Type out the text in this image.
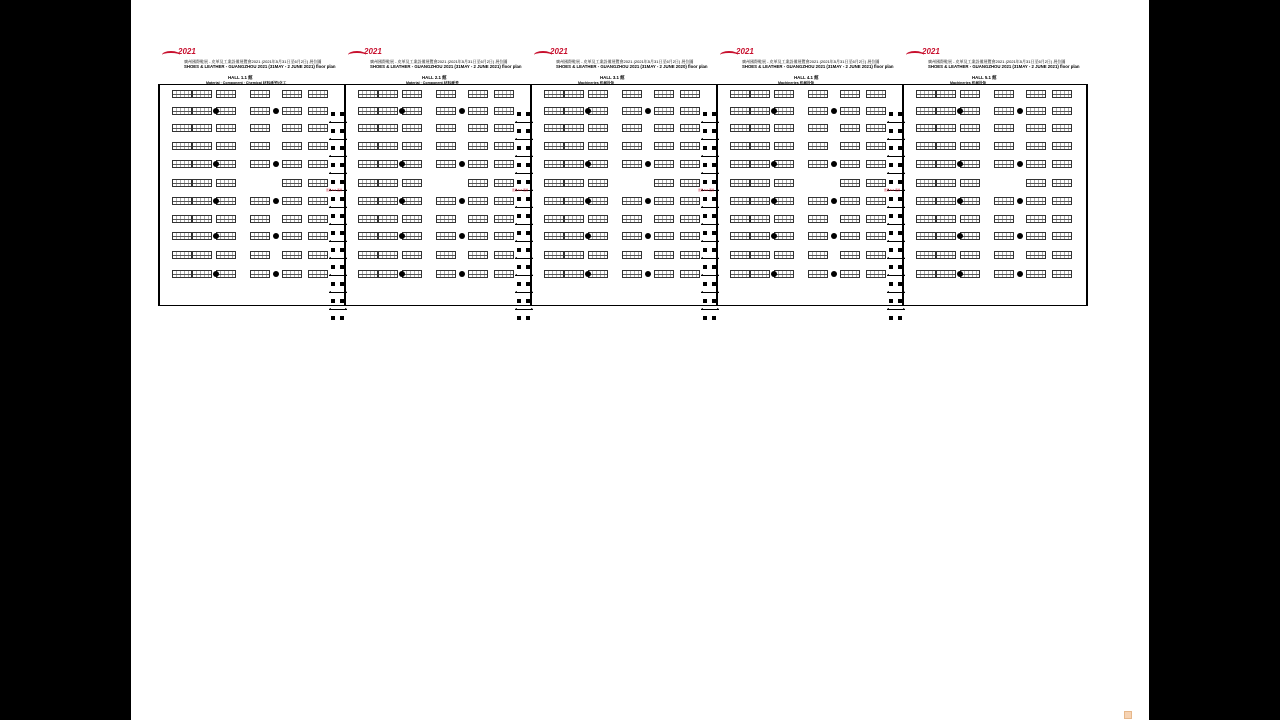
2021
廣州國際鞋展 - 皮革及工業設備展覽會2021 (2021年5月31日至6月2日) 展位圖
SHOES & LEATHER - GUANGZHOU 2021 (31MAY - 2 JUNE 2021) floor plan
HALL 1.1 館
Material · Component · Chemical 材料/配件/化工
通道 Exit 通道
2021
廣州國際鞋展 - 皮革及工業設備展覽會2021 (2021年5月31日至6月2日) 展位圖
SHOES & LEATHER - GUANGZHOU 2021 (31MAY - 2 JUNE 2021) floor plan
HALL 2.1 館
Material · Component 材料/配件
通道 Exit 通道
2021
廣州國際鞋展 - 皮革及工業設備展覽會2021 (2021年5月31日至6月2日) 展位圖
SHOES & LEATHER - GUANGZHOU 2021 (31MAY - 2 JUNE 2020) floor plan
HALL 3.1 館
Machineries 机械设备
通道 Exit 通道
2021
廣州國際鞋展 - 皮革及工業設備展覽會2021 (2021年5月31日至6月2日) 展位圖
SHOES & LEATHER - GUANGZHOU 2021 (31MAY - 2 JUNE 2021) floor plan
HALL 4.1 館
Machineries 机械设备
通道 Exit 通道
2021
廣州國際鞋展 - 皮革及工業設備展覽會2021 (2021年5月31日至6月2日) 展位圖
SHOES & LEATHER - GUANGZHOU 2021 (31MAY - 2 JUNE 2021) floor plan
HALL 5.1 館
Machineries 机械设备
